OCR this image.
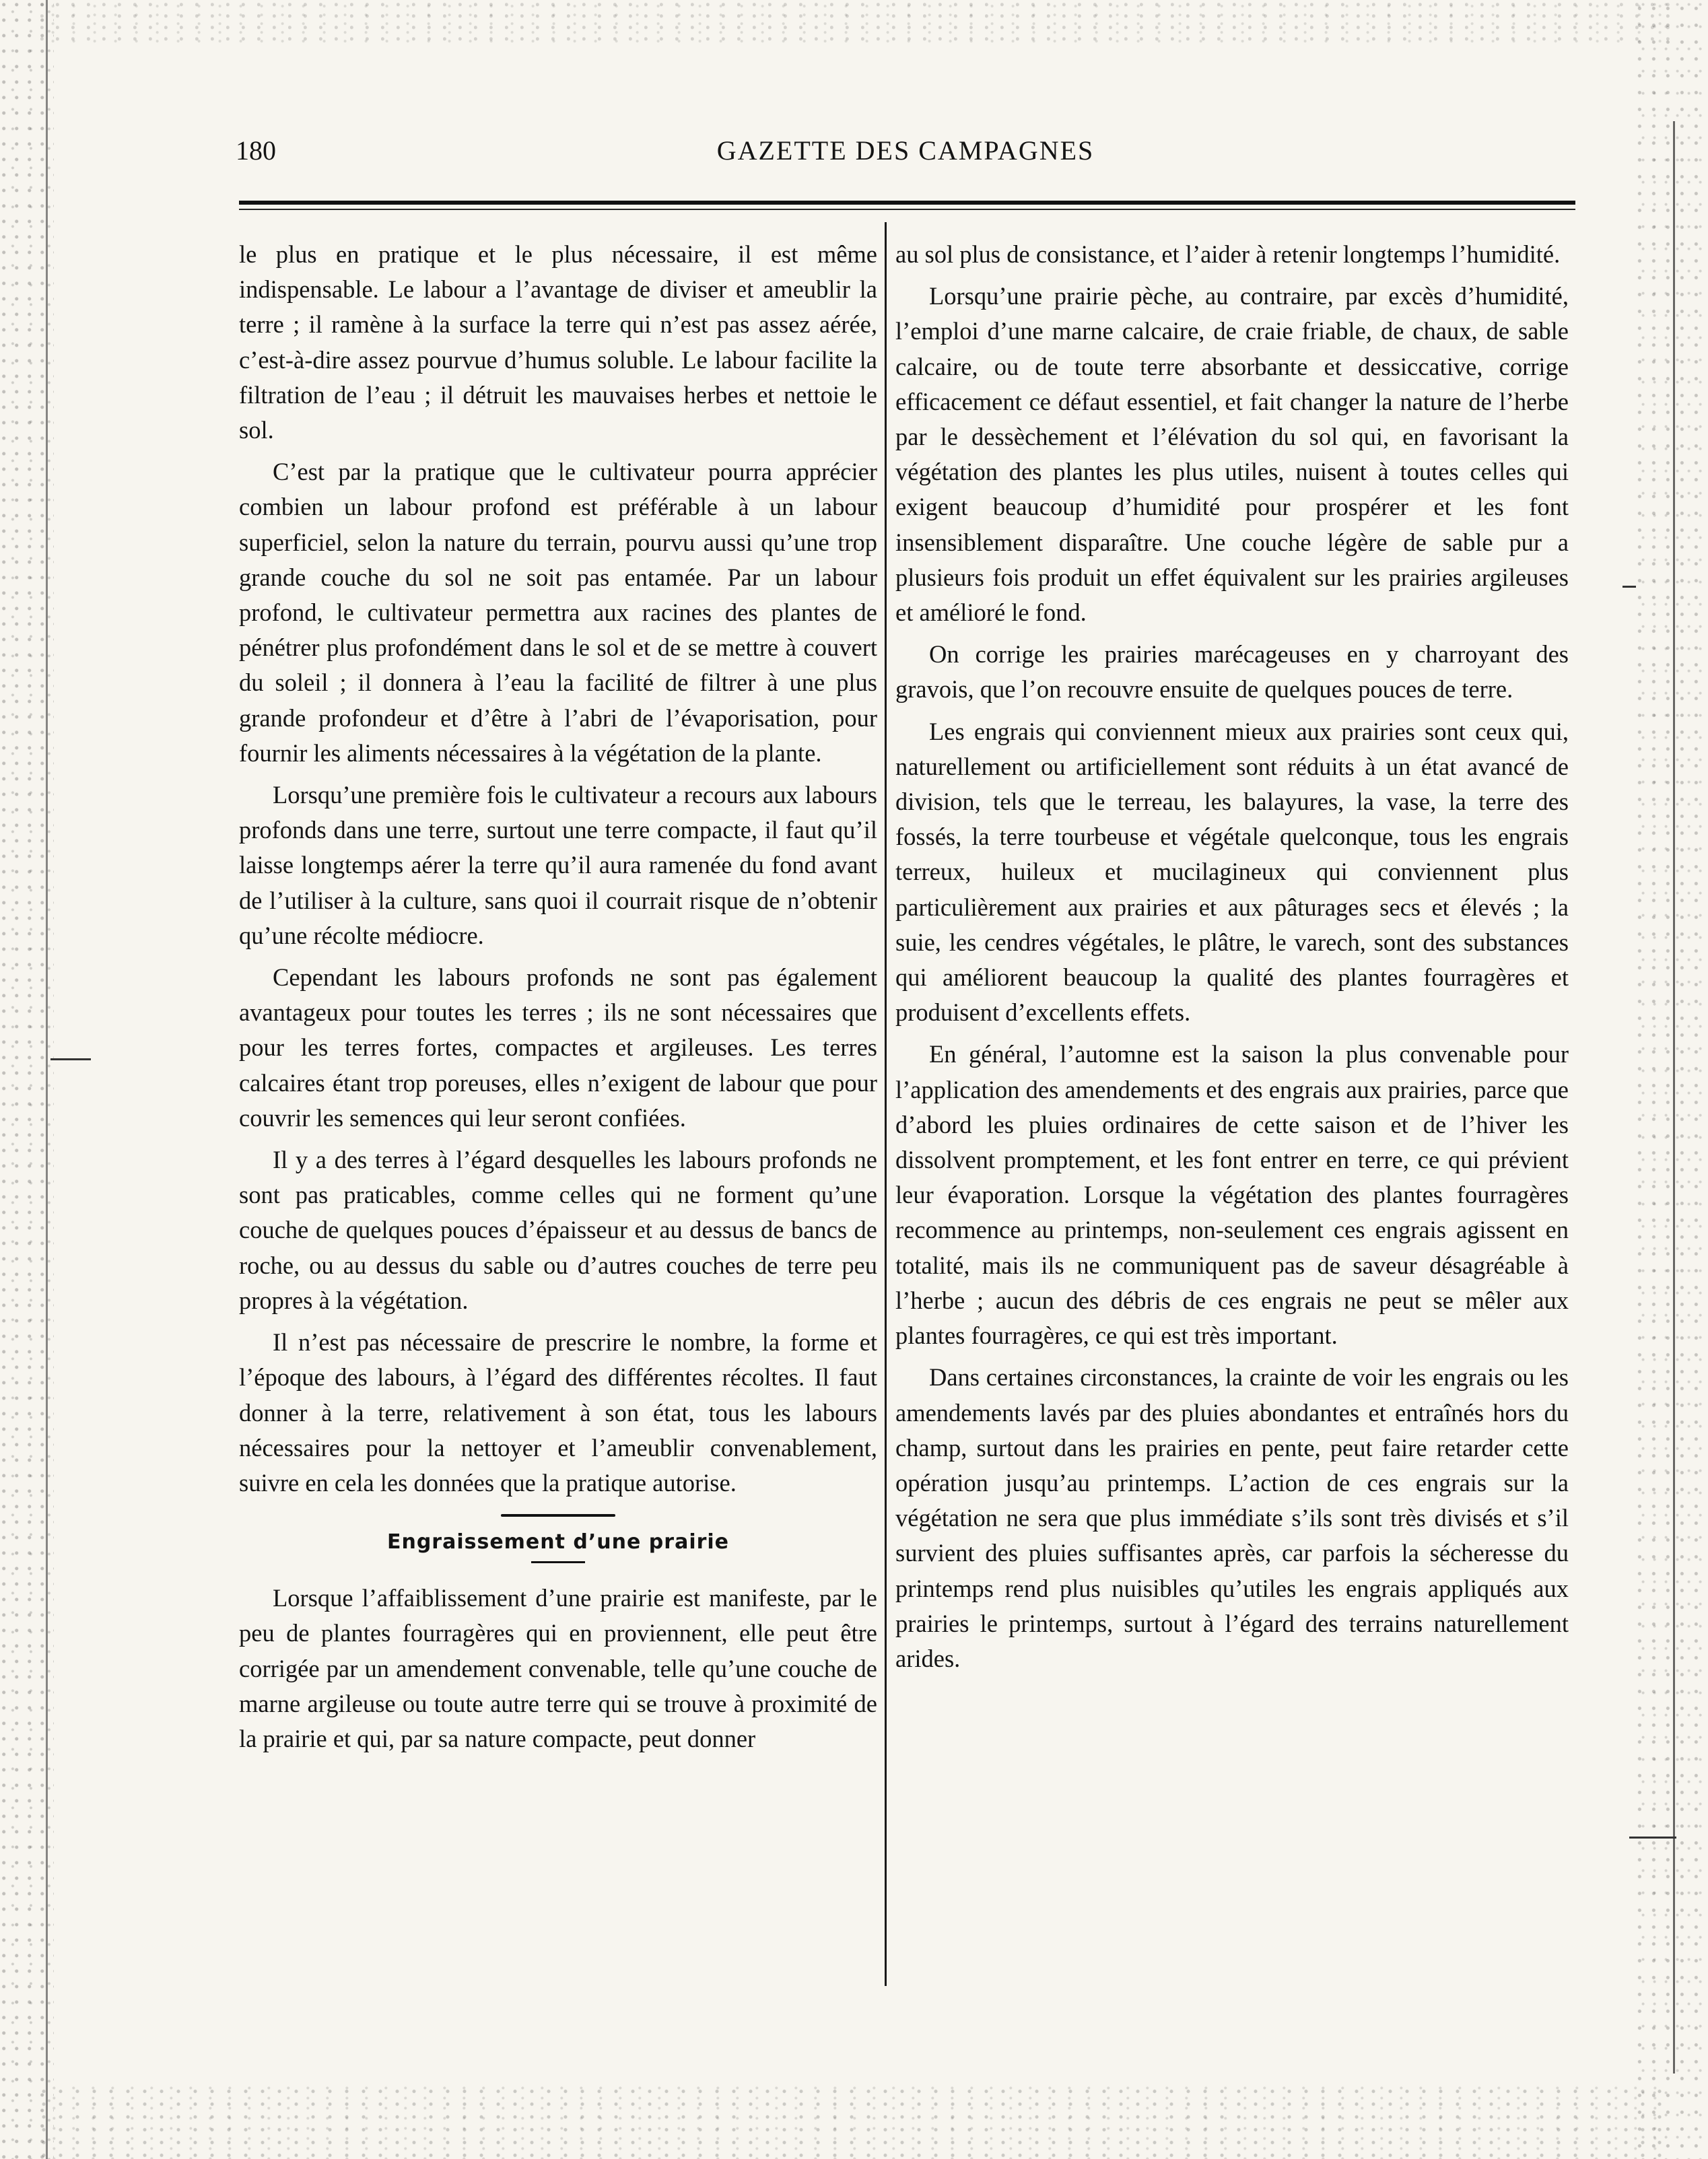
180	GAZETTE DES CAMPAGNES

le plus en pratique et le plus nécessaire, il est même indispensable. Le labour a l’avantage de diviser et ameublir la terre ; il ramène à la surface la terre qui n’est pas assez aérée, c’est-à-dire assez pourvue d’humus soluble. Le labour facilite la filtration de l’eau ; il détruit les mauvaises herbes et nettoie le sol.

C’est par la pratique que le cultivateur pourra apprécier combien un labour profond est préférable à un labour superficiel, selon la nature du terrain, pourvu aussi qu’une trop grande couche du sol ne soit pas entamée. Par un labour profond, le cultivateur permettra aux racines des plantes de pénétrer plus profondément dans le sol et de se mettre à couvert du soleil ; il donnera à l’eau la facilité de filtrer à une plus grande profondeur et d’être à l’abri de l’évaporisation, pour fournir les aliments nécessaires à la végétation de la plante.

Lorsqu’une première fois le cultivateur a recours aux labours profonds dans une terre, surtout une terre compacte, il faut qu’il laisse longtemps aérer la terre qu’il aura ramenée du fond avant de l’utiliser à la culture, sans quoi il courrait risque de n’obtenir qu’une récolte médiocre.

Cependant les labours profonds ne sont pas également avantageux pour toutes les terres ; ils ne sont nécessaires que pour les terres fortes, compactes et argileuses. Les terres calcaires étant trop poreuses, elles n’exigent de labour que pour couvrir les semences qui leur seront confiées.

Il y a des terres à l’égard desquelles les labours profonds ne sont pas praticables, comme celles qui ne forment qu’une couche de quelques pouces d’épaisseur et au dessus de bancs de roche, ou au dessus du sable ou d’autres couches de terre peu propres à la végétation.

Il n’est pas nécessaire de prescrire le nombre, la forme et l’époque des labours, à l’égard des différentes récoltes. Il faut donner à la terre, relativement à son état, tous les labours nécessaires pour la nettoyer et l’ameublir convenablement, suivre en cela les données que la pratique autorise.

Engraissement d’une prairie

Lorsque l’affaiblissement d’une prairie est manifeste, par le peu de plantes fourragères qui en proviennent, elle peut être corrigée par un amendement convenable, telle qu’une couche de marne argileuse ou toute autre terre qui se trouve à proximité de la prairie et qui, par sa nature compacte, peut donner

au sol plus de consistance, et l’aider à retenir longtemps l’humidité.

Lorsqu’une prairie pèche, au contraire, par excès d’humidité, l’emploi d’une marne calcaire, de craie friable, de chaux, de sable calcaire, ou de toute terre absorbante et dessiccative, corrige efficacement ce défaut essentiel, et fait changer la nature de l’herbe par le dessèchement et l’élévation du sol qui, en favorisant la végétation des plantes les plus utiles, nuisent à toutes celles qui exigent beaucoup d’humidité pour prospérer et les font insensiblement disparaître. Une couche légère de sable pur a plusieurs fois produit un effet équivalent sur les prairies argileuses et amélioré le fond.

On corrige les prairies marécageuses en y charroyant des gravois, que l’on recouvre ensuite de quelques pouces de terre.

Les engrais qui conviennent mieux aux prairies sont ceux qui, naturellement ou artificiellement sont réduits à un état avancé de division, tels que le terreau, les balayures, la vase, la terre des fossés, la terre tourbeuse et végétale quelconque, tous les engrais terreux, huileux et mucilagineux qui conviennent plus particulièrement aux prairies et aux pâturages secs et élevés ; la suie, les cendres végétales, le plâtre, le varech, sont des substances qui améliorent beaucoup la qualité des plantes fourragères et produisent d’excellents effets.

En général, l’automne est la saison la plus convenable pour l’application des amendements et des engrais aux prairies, parce que d’abord les pluies ordinaires de cette saison et de l’hiver les dissolvent promptement, et les font entrer en terre, ce qui prévient leur évaporation. Lorsque la végétation des plantes fourragères recommence au printemps, non-seulement ces engrais agissent en totalité, mais ils ne communiquent pas de saveur désagréable à l’herbe ; aucun des débris de ces engrais ne peut se mêler aux plantes fourragères, ce qui est très important.

Dans certaines circonstances, la crainte de voir les engrais ou les amendements lavés par des pluies abondantes et entraînés hors du champ, surtout dans les prairies en pente, peut faire retarder cette opération jusqu’au printemps. L’action de ces engrais sur la végétation ne sera que plus immédiate s’ils sont très divisés et s’il survient des pluies suffisantes après, car parfois la sécheresse du printemps rend plus nuisibles qu’utiles les engrais appliqués aux prairies le printemps, surtout à l’égard des terrains naturellement arides.
